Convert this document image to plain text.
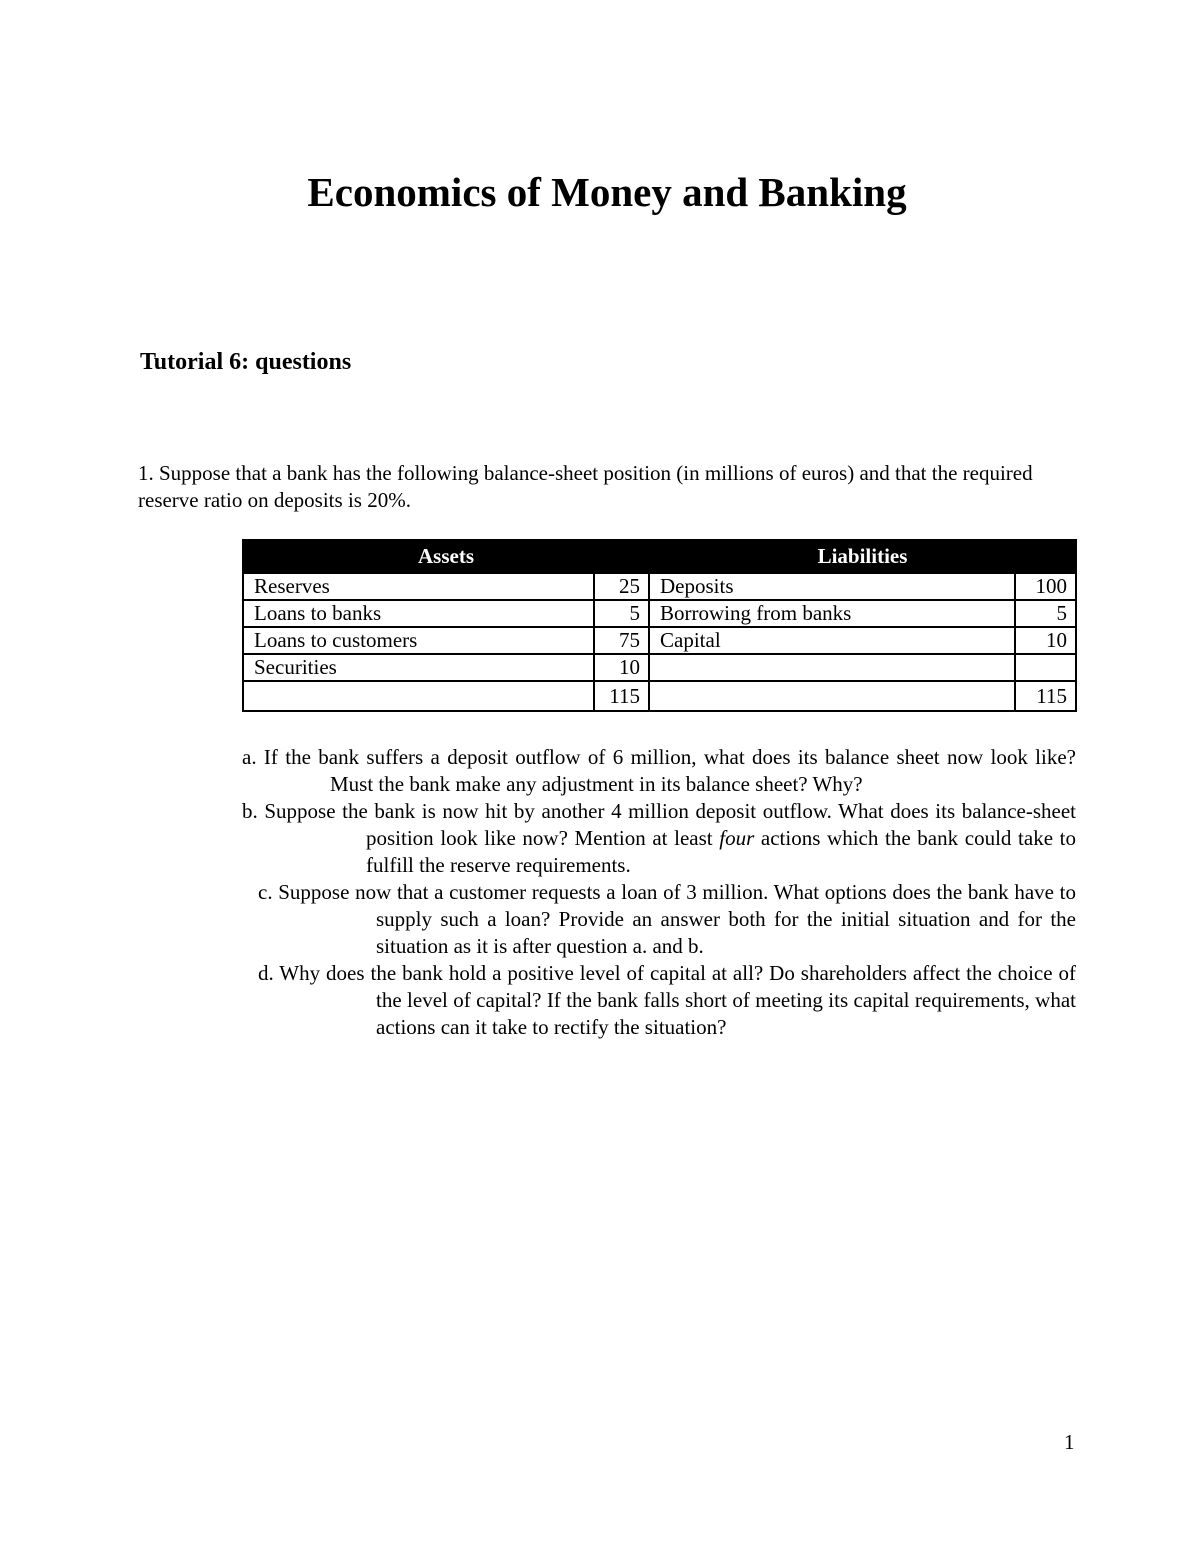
Economics of Money and Banking
Tutorial 6: questions

1. Suppose that a bank has the following balance-sheet position (in millions of euros) and that the required reserve ratio on deposits is 20%.

Assets		Liabilities	
Reserves	25	Deposits	100
Loans to banks	5	Borrowing from banks	5
Loans to customers	75	Capital	10
Securities	10		
	115		115
a. If the bank suffers a deposit outflow of 6 million, what does its balance sheet now look like? Must the bank make any adjustment in its balance sheet? Why?
b. Suppose the bank is now hit by another 4 million deposit outflow. What does its balance-sheet position look like now? Mention at least four actions which the bank could take to fulfill the reserve requirements.
c. Suppose now that a customer requests a loan of 3 million. What options does the bank have to supply such a loan? Provide an answer both for the initial situation and for the situation as it is after question a. and b.
d. Why does the bank hold a positive level of capital at all? Do shareholders affect the choice of the level of capital? If the bank falls short of meeting its capital requirements, what actions can it take to rectify the situation?
1
